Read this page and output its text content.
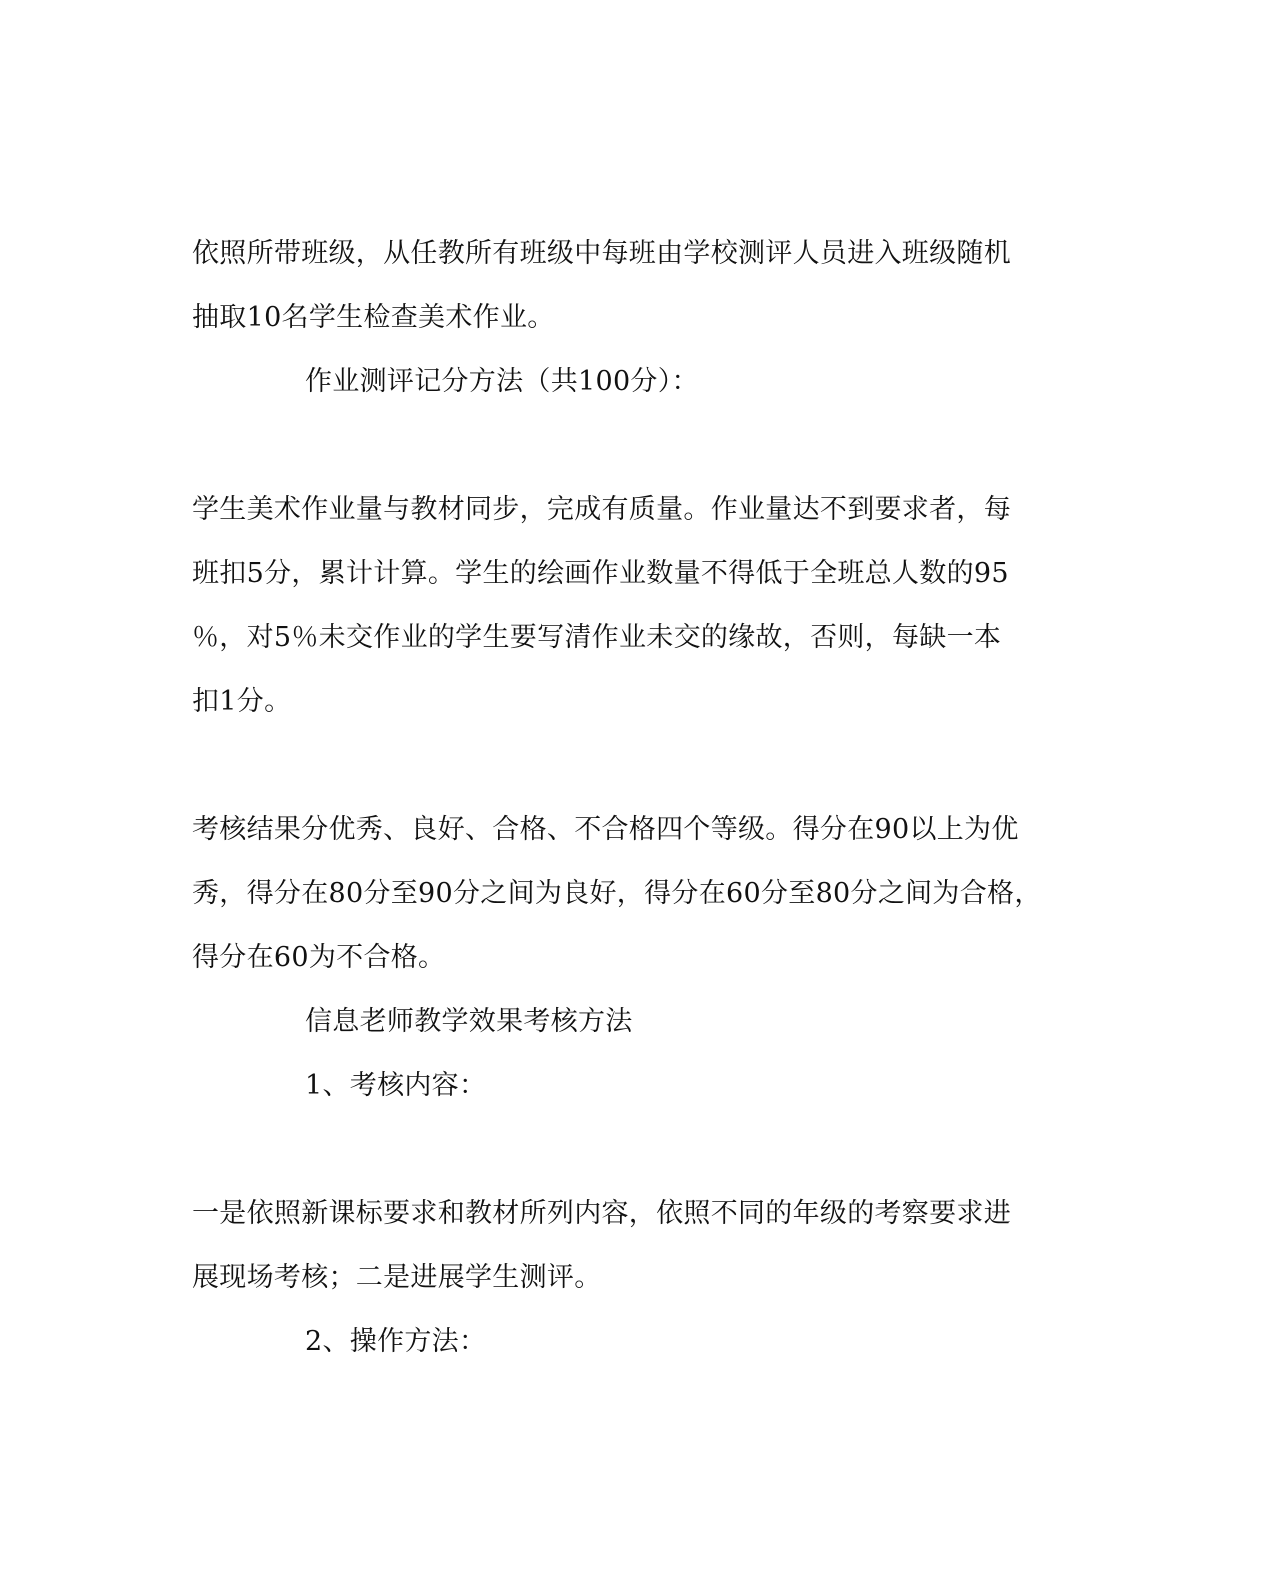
依照所带班级，从任教所有班级中每班由学校测评人员进入班级随机
抽取10名学生检查美术作业。
作业测评记分方法（共100分）：
学生美术作业量与教材同步，完成有质量。作业量达不到要求者，每
班扣5分，累计计算。学生的绘画作业数量不得低于全班总人数的95
％，对5％未交作业的学生要写清作业未交的缘故，否则，每缺一本
扣1分。
考核结果分优秀、良好、合格、不合格四个等级。得分在90以上为优
秀，得分在80分至90分之间为良好，得分在60分至80分之间为合格，
得分在60为不合格。
信息老师教学效果考核方法
1、考核内容：
一是依照新课标要求和教材所列内容，依照不同的年级的考察要求进
展现场考核；二是进展学生测评。
2、操作方法：
